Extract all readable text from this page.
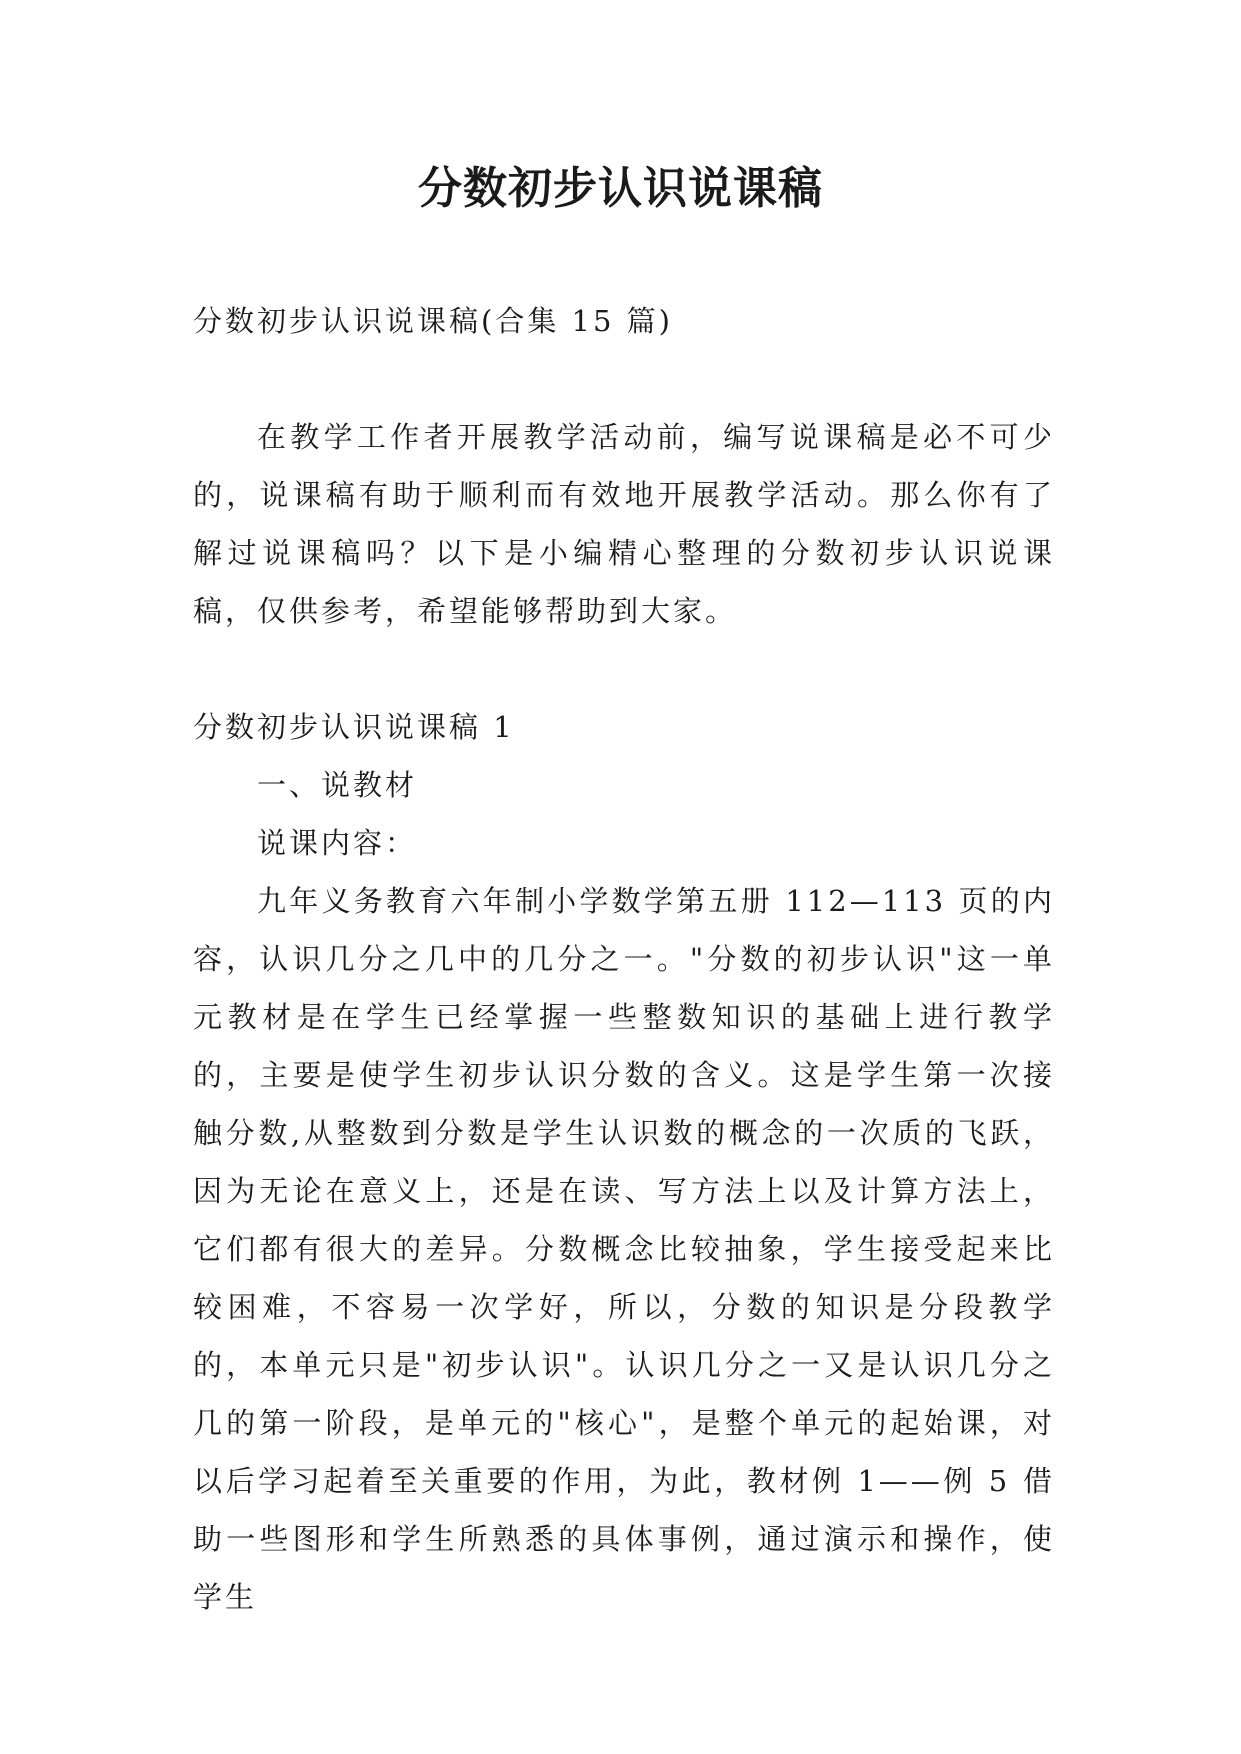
分数初步认识说课稿

分数初步认识说课稿(合集 15 篇)

在教学工作者开展教学活动前，编写说课稿是必不可少的，说课稿有助于顺利而有效地开展教学活动。那么你有了解过说课稿吗？以下是小编精心整理的分数初步认识说课稿，仅供参考，希望能够帮助到大家。

分数初步认识说课稿 1

一、说教材

说课内容：

九年义务教育六年制小学数学第五册 112—113 页的内容，认识几分之几中的几分之一。"分数的初步认识"这一单元教材是在学生已经掌握一些整数知识的基础上进行教学的，主要是使学生初步认识分数的含义。这是学生第一次接触分数,从整数到分数是学生认识数的概念的一次质的飞跃，因为无论在意义上，还是在读、写方法上以及计算方法上，它们都有很大的差异。分数概念比较抽象，学生接受起来比较困难，不容易一次学好，所以，分数的知识是分段教学的，本单元只是"初步认识"。认识几分之一又是认识几分之几的第一阶段，是单元的"核心"，是整个单元的起始课，对以后学习起着至关重要的作用，为此，教材例 1——例 5 借助一些图形和学生所熟悉的具体事例，通过演示和操作，使学生
